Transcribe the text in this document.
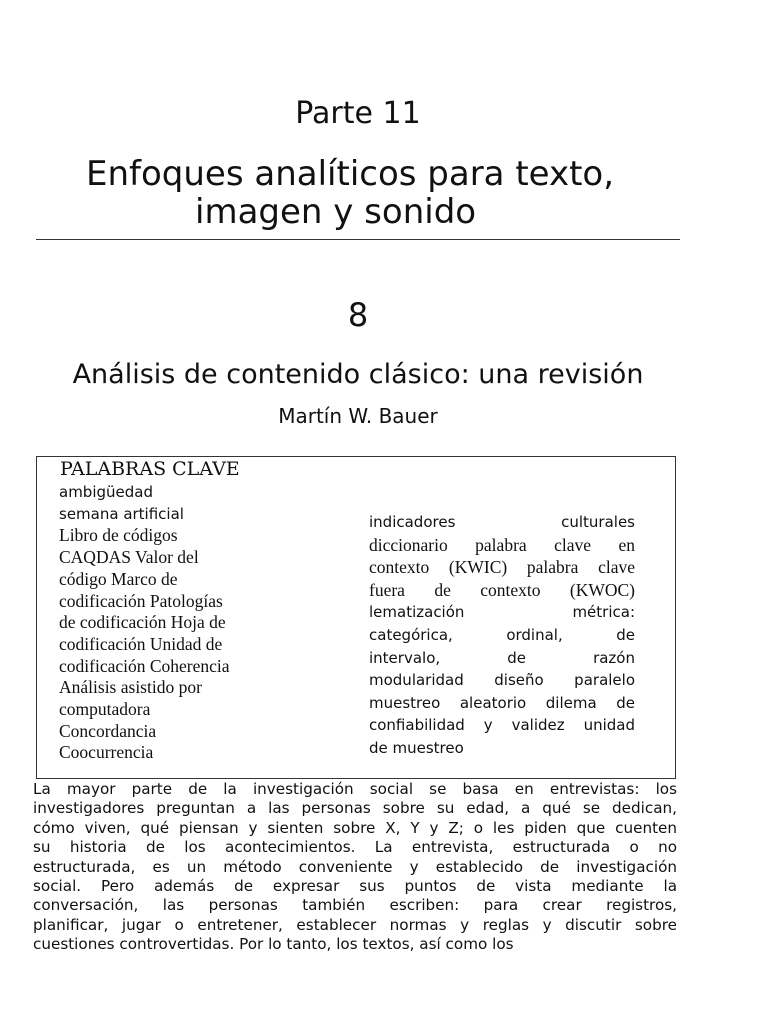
Parte 11
Enfoques analíticos para texto,
imagen y sonido
8
Análisis de contenido clásico: una revisión
Martín W. Bauer
PALABRAS CLAVE
ambigüedad
semana artificial
Libro de códigos
CAQDAS Valor del
código Marco de
codificación Patologías
de codificación Hoja de
codificación Unidad de
codificación Coherencia
Análisis asistido por
computadora
Concordancia
Coocurrencia
indicadores culturales
diccionario palabra clave en
contexto (KWIC) palabra clave
fuera de contexto (KWOC)
lematización métrica:
categórica, ordinal, de
intervalo, de razón
modularidad diseño paralelo
muestreo aleatorio dilema de
confiabilidad y validez unidad
de muestreo
La mayor parte de la investigación social se basa en entrevistas: los
investigadores preguntan a las personas sobre su edad, a qué se dedican,
cómo viven, qué piensan y sienten sobre X, Y y Z; o les piden que cuenten
su historia de los acontecimientos. La entrevista, estructurada o no
estructurada, es un método conveniente y establecido de investigación
social. Pero además de expresar sus puntos de vista mediante la
conversación, las personas también escriben: para crear registros,
planificar, jugar o entretener, establecer normas y reglas y discutir sobre
cuestiones controvertidas. Por lo tanto, los textos, así como los
